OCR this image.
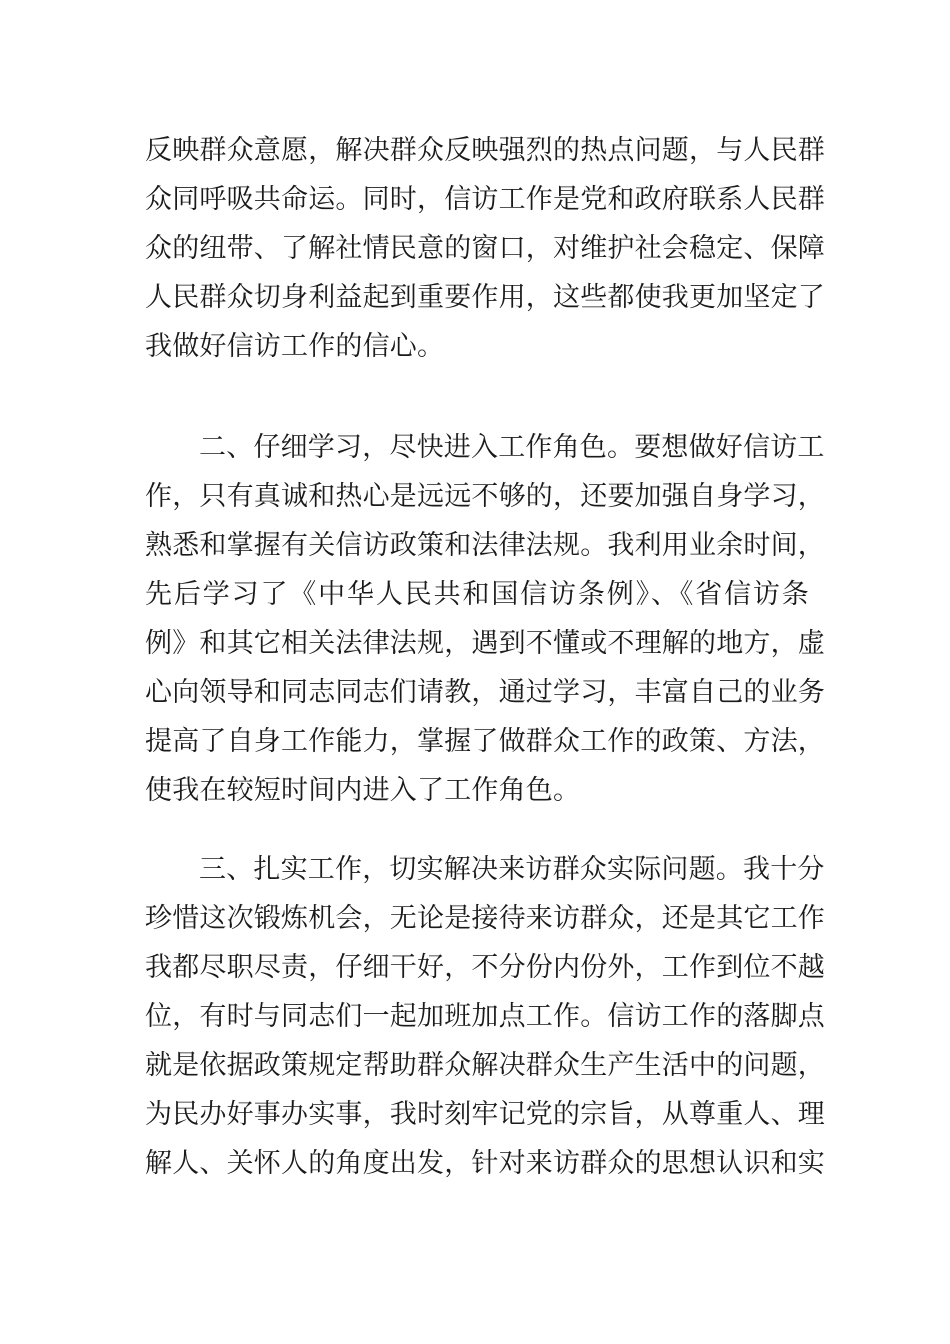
反映群众意愿，解决群众反映强烈的热点问题，与人民群
众同呼吸共命运。同时，信访工作是党和政府联系人民群
众的纽带、了解社情民意的窗口，对维护社会稳定、保障
人民群众切身利益起到重要作用，这些都使我更加坚定了
我做好信访工作的信心。
二、仔细学习，尽快进入工作角色。要想做好信访工
作，只有真诚和热心是远远不够的，还要加强自身学习，
熟悉和掌握有关信访政策和法律法规。我利用业余时间，
先后学习了《中华人民共和国信访条例》、《省信访条
例》和其它相关法律法规，遇到不懂或不理解的地方，虚
心向领导和同志同志们请教，通过学习，丰富自己的业务
提高了自身工作能力，掌握了做群众工作的政策、方法，
使我在较短时间内进入了工作角色。
三、扎实工作，切实解决来访群众实际问题。我十分
珍惜这次锻炼机会，无论是接待来访群众，还是其它工作
我都尽职尽责，仔细干好，不分份内份外，工作到位不越
位，有时与同志们一起加班加点工作。信访工作的落脚点
就是依据政策规定帮助群众解决群众生产生活中的问题，
为民办好事办实事，我时刻牢记党的宗旨，从尊重人、理
解人、关怀人的角度出发，针对来访群众的思想认识和实
